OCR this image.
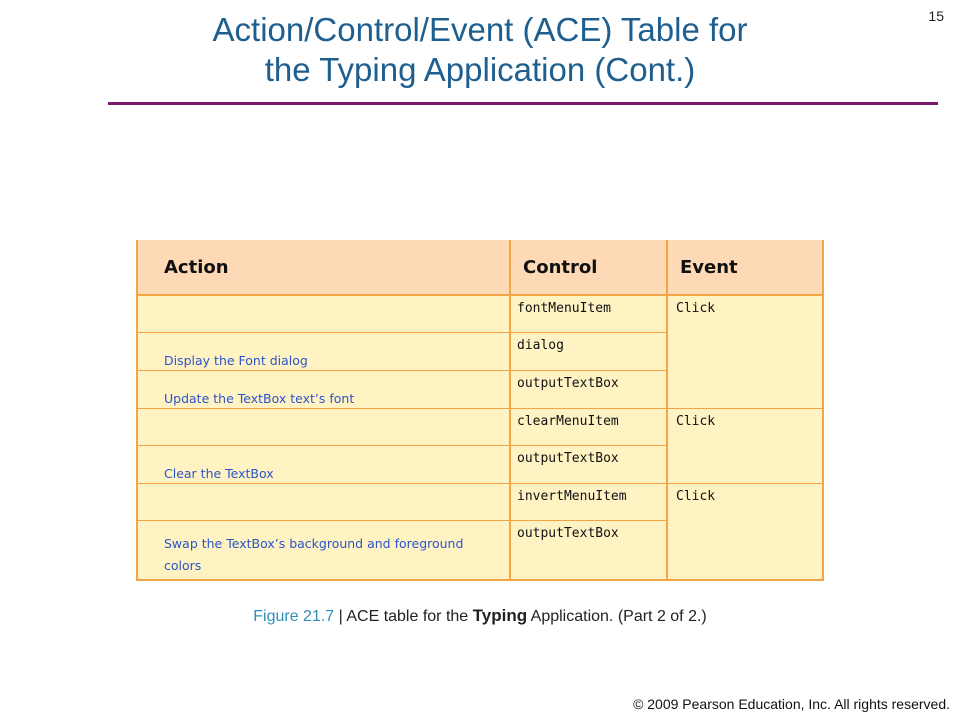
15
Action/Control/Event (ACE) Table for
the Typing Application (Cont.)
Action	Control	Event
	fontMenuItem	Click

Display the Font dialog	dialog	

Update the TextBox text’s font	outputTextBox	
	clearMenuItem	Click

Clear the TextBox	outputTextBox	
	invertMenuItem	Click

Swap the TextBox’s background and foreground colors	outputTextBox	
Figure 21.7 | ACE table for the Typing Application. (Part 2 of 2.)
© 2009 Pearson Education, Inc. All rights reserved.
